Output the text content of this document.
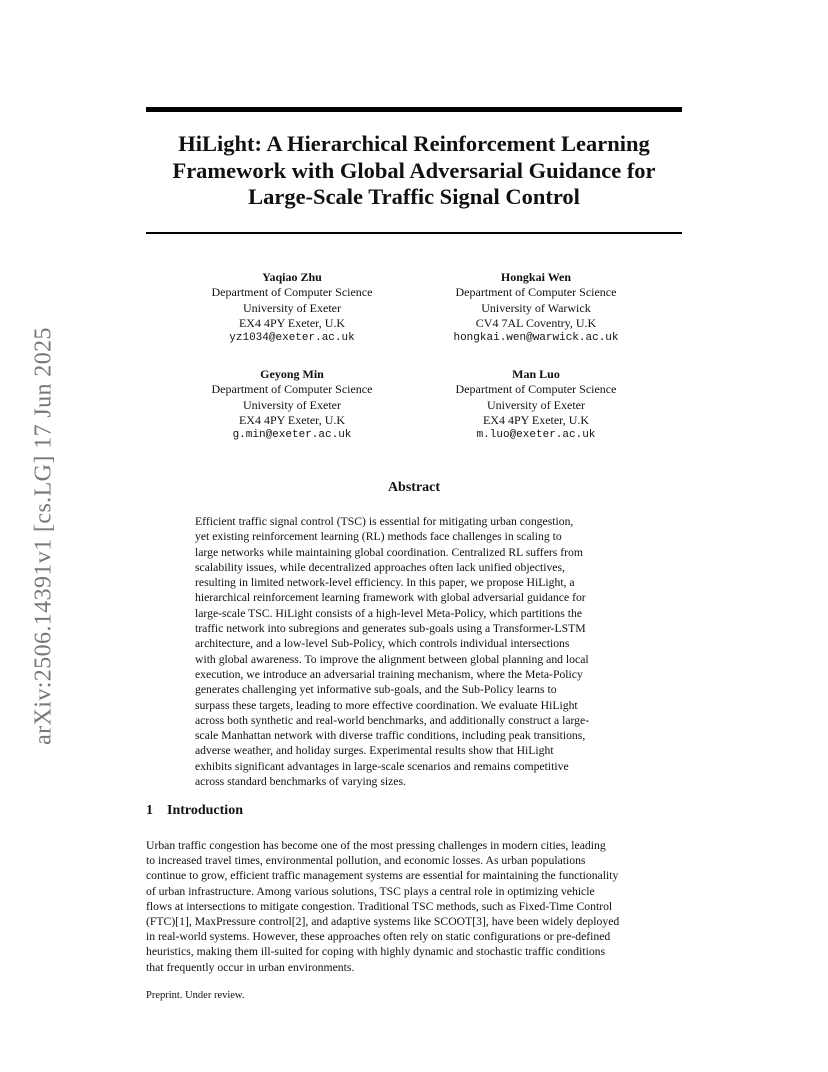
arXiv:2506.14391v1 [cs.LG] 17 Jun 2025
HiLight: A Hierarchical Reinforcement Learning
Framework with Global Adversarial Guidance for
Large-Scale Traffic Signal Control
Yaqiao Zhu
Department of Computer Science
University of Exeter
EX4 4PY Exeter, U.K
yz1034@exeter.ac.uk
Hongkai Wen
Department of Computer Science
University of Warwick
CV4 7AL Coventry, U.K
hongkai.wen@warwick.ac.uk
Geyong Min
Department of Computer Science
University of Exeter
EX4 4PY Exeter, U.K
g.min@exeter.ac.uk
Man Luo
Department of Computer Science
University of Exeter
EX4 4PY Exeter, U.K
m.luo@exeter.ac.uk
Abstract
Efficient traffic signal control (TSC) is essential for mitigating urban congestion,
yet existing reinforcement learning (RL) methods face challenges in scaling to
large networks while maintaining global coordination. Centralized RL suffers from
scalability issues, while decentralized approaches often lack unified objectives,
resulting in limited network-level efficiency. In this paper, we propose HiLight, a
hierarchical reinforcement learning framework with global adversarial guidance for
large-scale TSC. HiLight consists of a high-level Meta-Policy, which partitions the
traffic network into subregions and generates sub-goals using a Transformer-LSTM
architecture, and a low-level Sub-Policy, which controls individual intersections
with global awareness. To improve the alignment between global planning and local
execution, we introduce an adversarial training mechanism, where the Meta-Policy
generates challenging yet informative sub-goals, and the Sub-Policy learns to
surpass these targets, leading to more effective coordination. We evaluate HiLight
across both synthetic and real-world benchmarks, and additionally construct a large-
scale Manhattan network with diverse traffic conditions, including peak transitions,
adverse weather, and holiday surges. Experimental results show that HiLight
exhibits significant advantages in large-scale scenarios and remains competitive
across standard benchmarks of varying sizes.
1 Introduction
Urban traffic congestion has become one of the most pressing challenges in modern cities, leading
to increased travel times, environmental pollution, and economic losses. As urban populations
continue to grow, efficient traffic management systems are essential for maintaining the functionality
of urban infrastructure. Among various solutions, TSC plays a central role in optimizing vehicle
flows at intersections to mitigate congestion. Traditional TSC methods, such as Fixed-Time Control
(FTC)[1], MaxPressure control[2], and adaptive systems like SCOOT[3], have been widely deployed
in real-world systems. However, these approaches often rely on static configurations or pre-defined
heuristics, making them ill-suited for coping with highly dynamic and stochastic traffic conditions
that frequently occur in urban environments.
Preprint. Under review.
